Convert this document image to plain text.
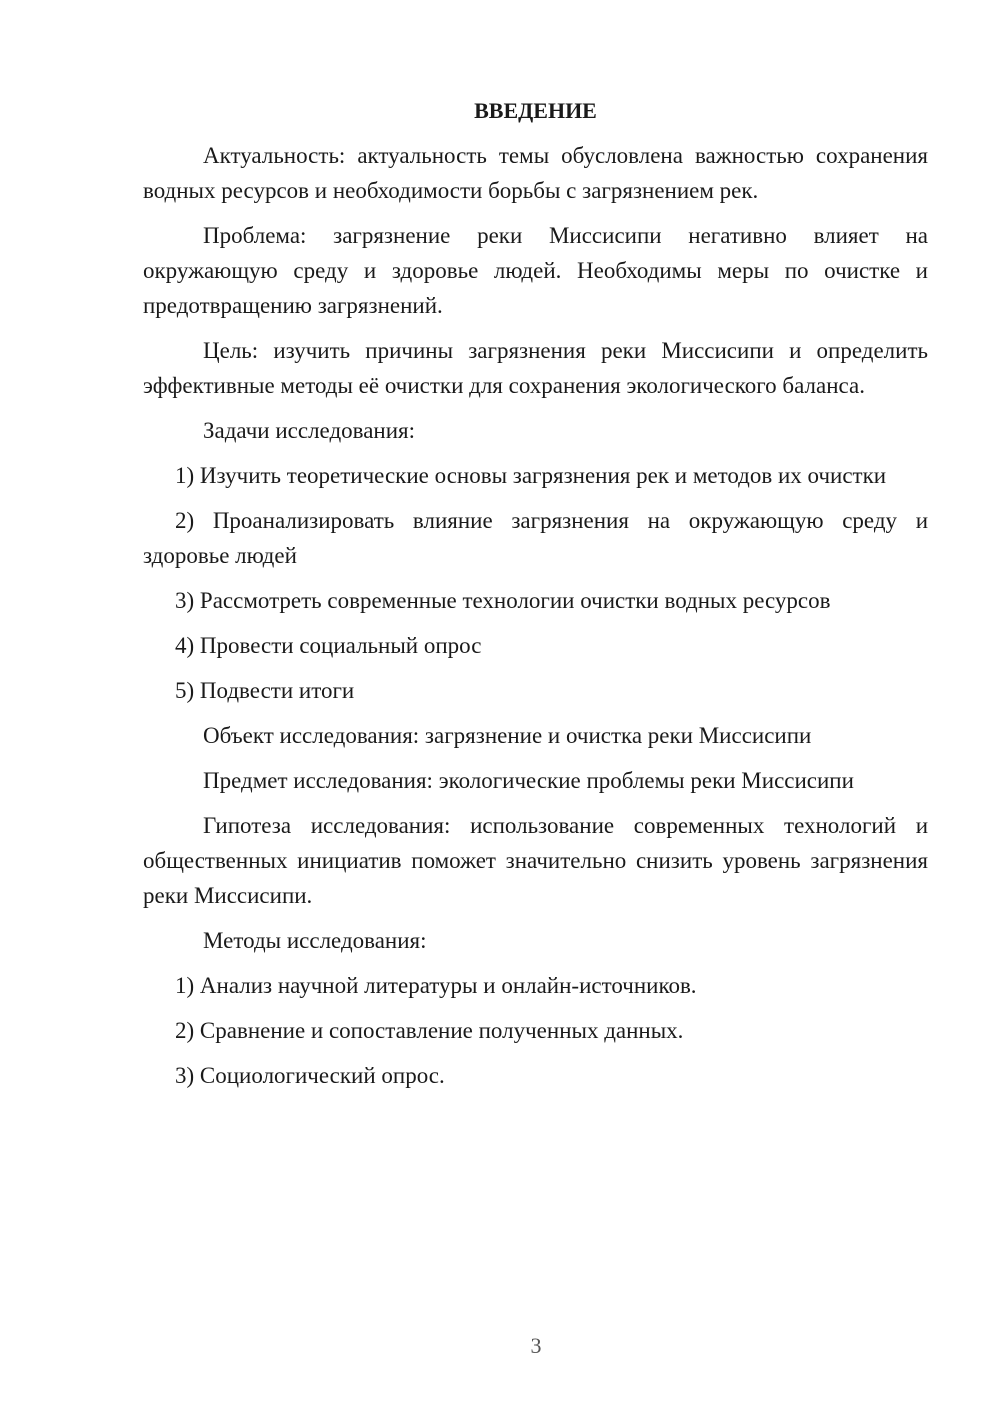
ВВЕДЕНИЕ
Актуальность: актуальность темы обусловлена важностью сохранения водных ресурсов и необходимости борьбы с загрязнением рек.
Проблема: загрязнение реки Миссисипи негативно влияет на окружающую среду и здоровье людей. Необходимы меры по очистке и предотвращению загрязнений.
Цель: изучить причины загрязнения реки Миссисипи и определить эффективные методы её очистки для сохранения экологического баланса.
Задачи исследования:
1) Изучить теоретические основы загрязнения рек и методов их очистки
2) Проанализировать влияние загрязнения на окружающую среду и здоровье людей
3) Рассмотреть современные технологии очистки водных ресурсов
4) Провести социальный опрос
5) Подвести итоги
Объект исследования: загрязнение и очистка реки Миссисипи
Предмет исследования: экологические проблемы реки Миссисипи
Гипотеза исследования: использование современных технологий и общественных инициатив поможет значительно снизить уровень загрязнения реки Миссисипи.
Методы исследования:
1) Анализ научной литературы и онлайн-источников.
2) Сравнение и сопоставление полученных данных.
3) Социологический опрос.
3
